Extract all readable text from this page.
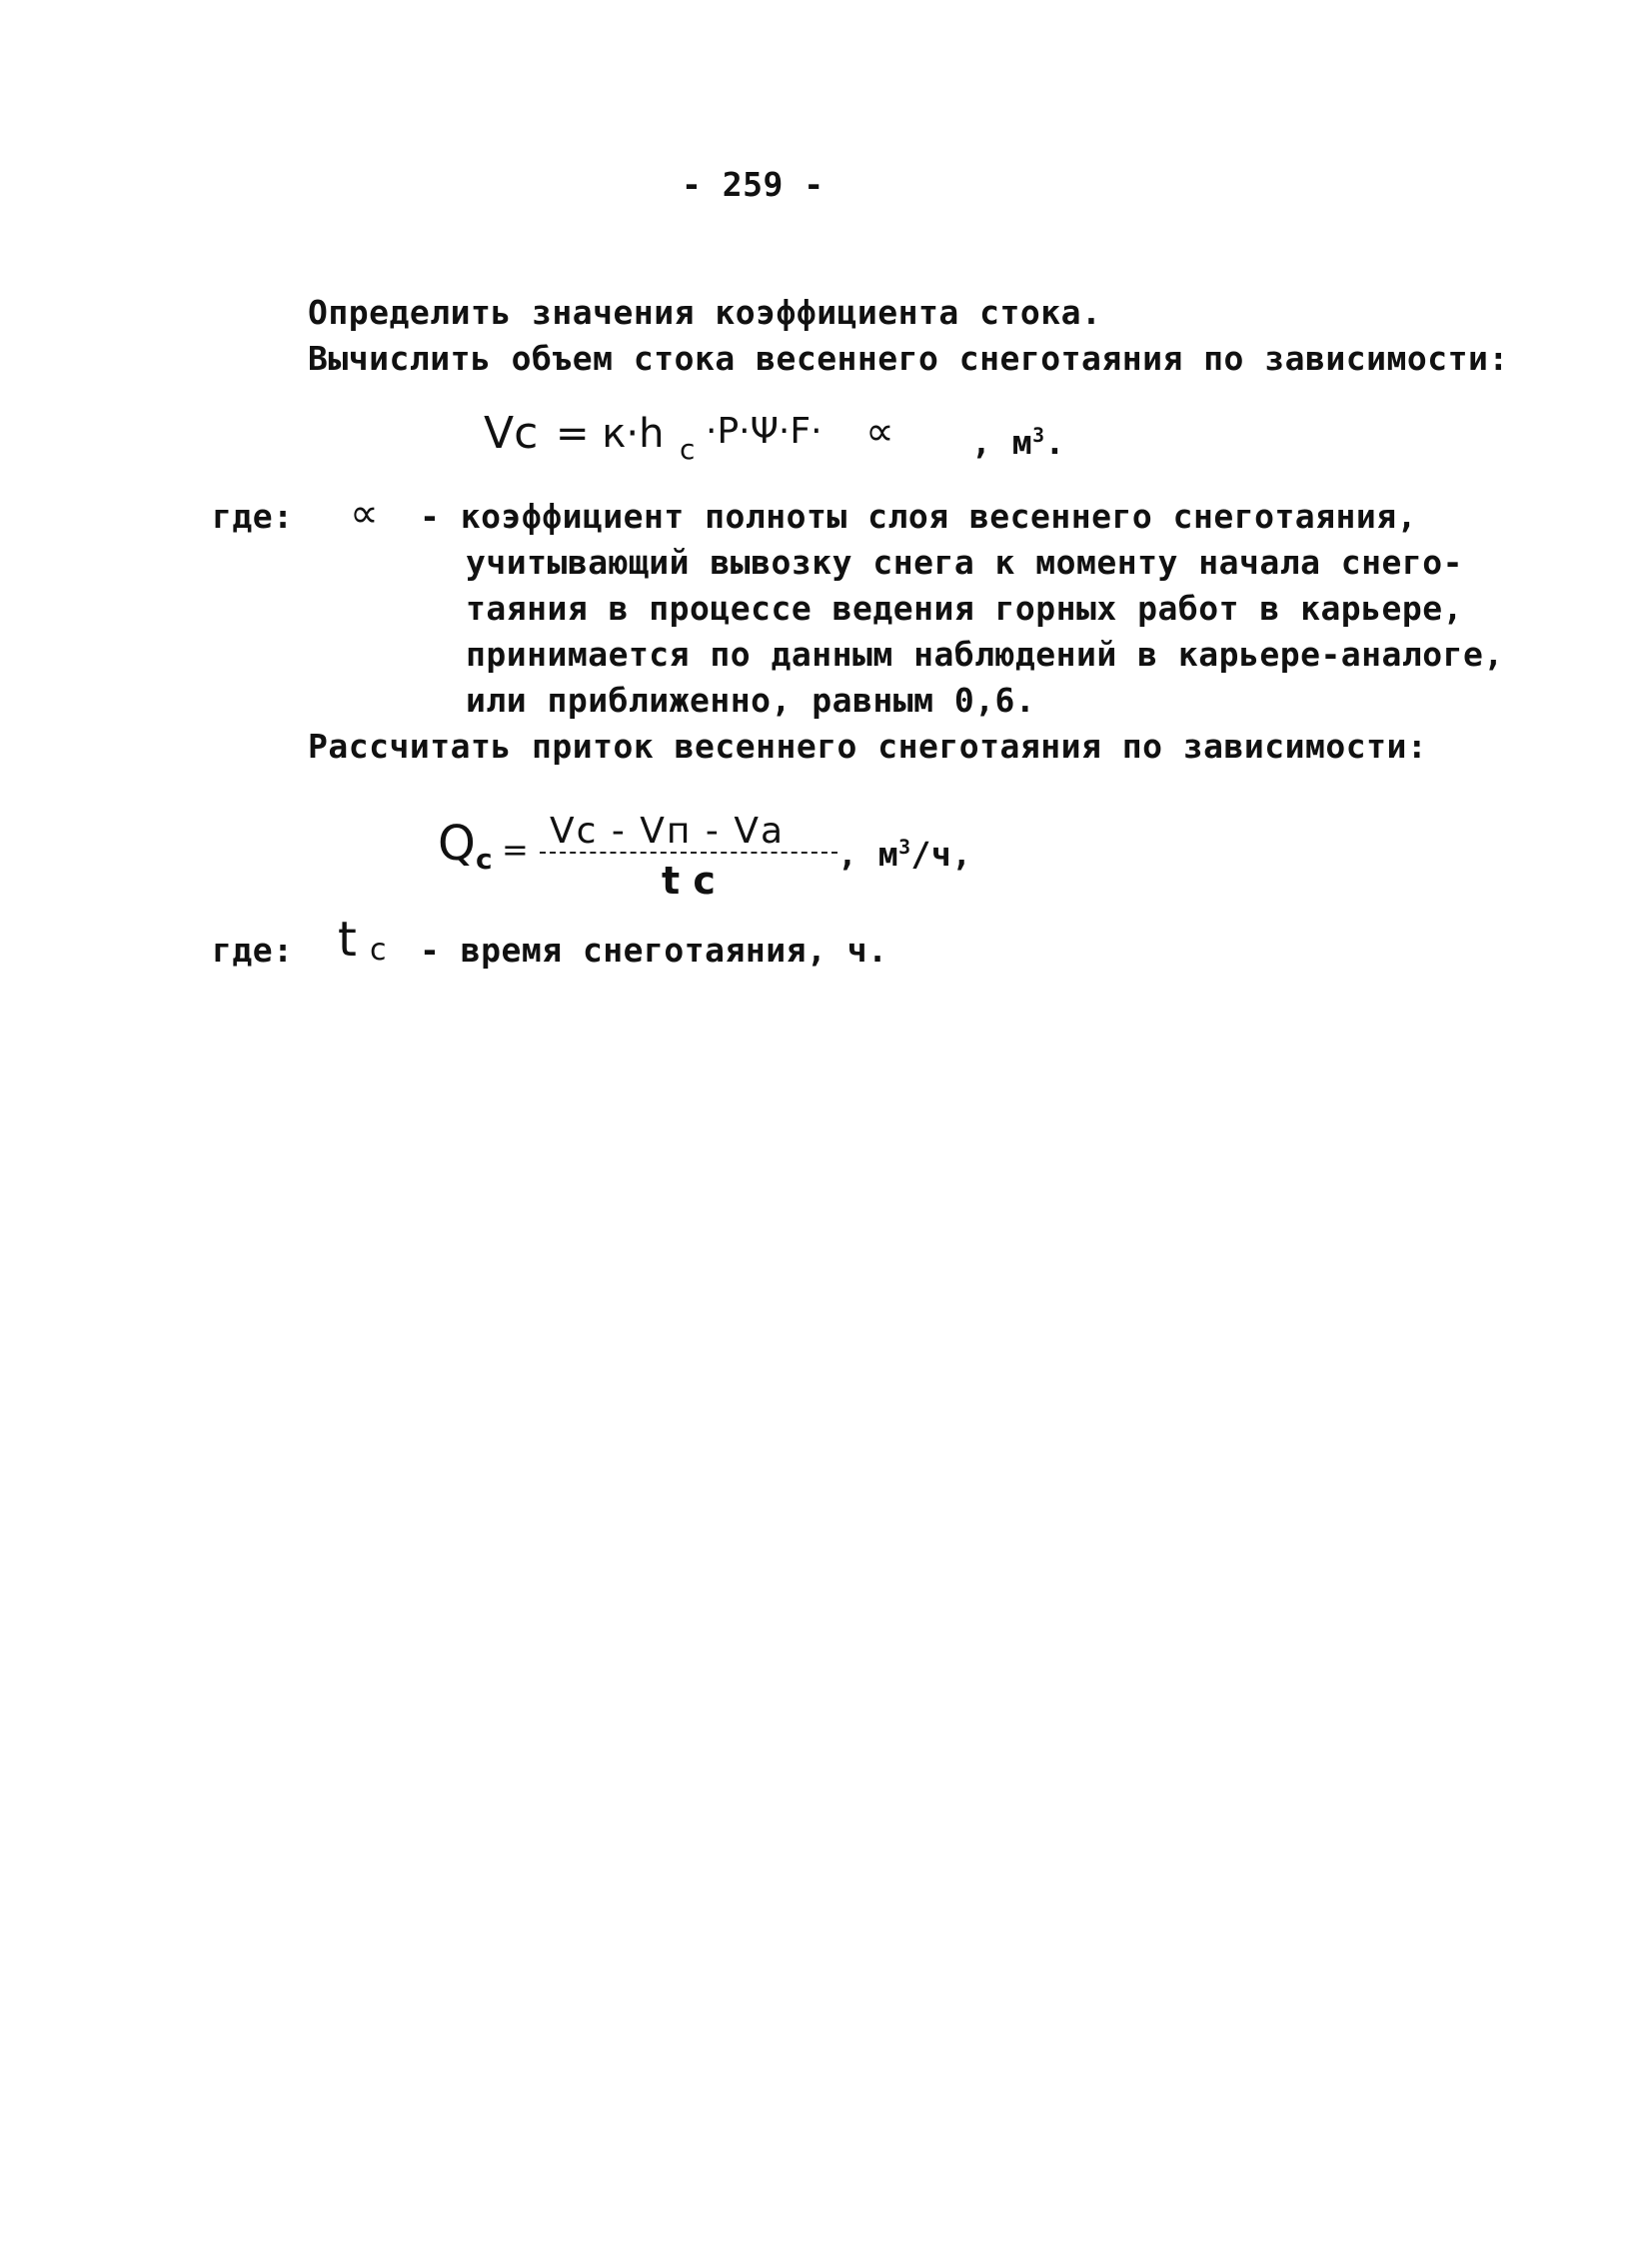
- 259 -
Определить значения коэффициента стока.
Вычислить объем стока весеннего снеготаяния по зависимости:
Vc = к·h c ·Р·Ψ·F· ∝ , $м^3$.
где: ∝ - коэффициент полноты слоя весеннего снеготаяния,
учитывающий вывозку снега к моменту начала снего-
таяния в процессе ведения горных работ в карьере,
принимается по данным наблюдений в карьере-аналоге,
или приближенно, равным 0,6.
Рассчитать приток весеннего снеготаяния по зависимости:
Q c = Vc - Vп - Vа
t c
, $м^3/ч$,
где: t c - время снеготаяния, ч.
